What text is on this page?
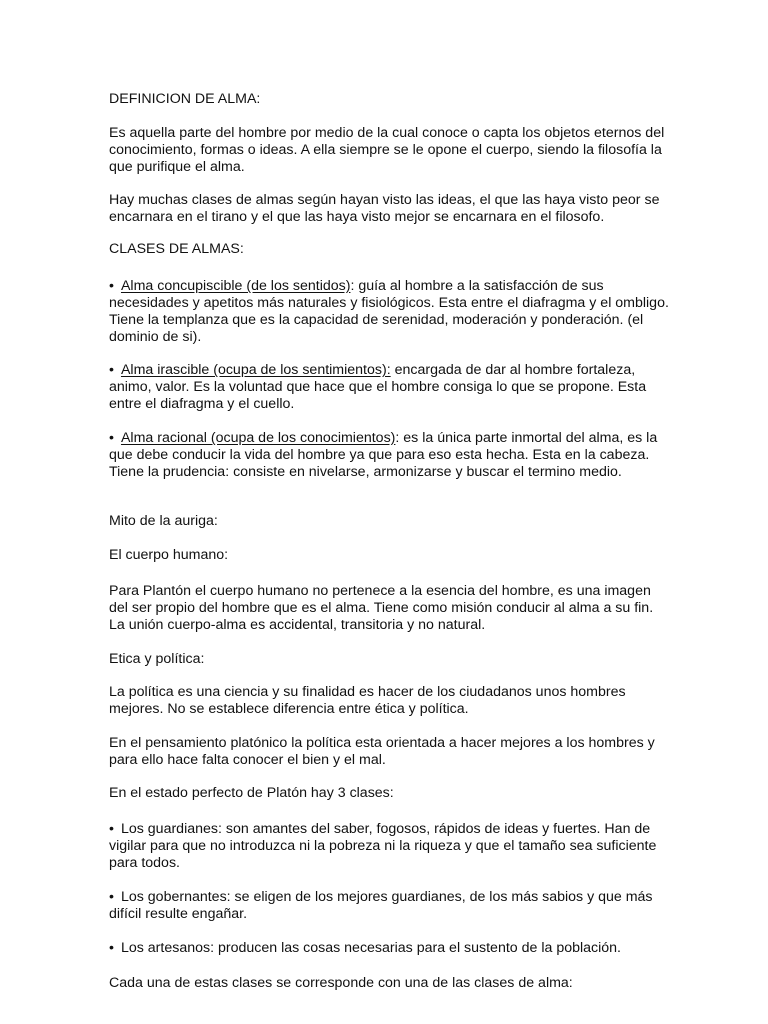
DEFINICION DE ALMA:

Es aquella parte del hombre por medio de la cual conoce o capta los objetos eternos del conocimiento, formas o ideas. A ella siempre se le opone el cuerpo, siendo la filosofía la que purifique el alma.

Hay muchas clases de almas según hayan visto las ideas, el que las haya visto peor se encarnara en el tirano y el que las haya visto mejor se encarnara en el filosofo.

CLASES DE ALMAS:

• Alma concupiscible (de los sentidos): guía al hombre a la satisfacción de sus necesidades y apetitos más naturales y fisiológicos. Esta entre el diafragma y el ombligo. Tiene la templanza que es la capacidad de serenidad, moderación y ponderación. (el dominio de si).

• Alma irascible (ocupa de los sentimientos): encargada de dar al hombre fortaleza, animo, valor. Es la voluntad que hace que el hombre consiga lo que se propone. Esta entre el diafragma y el cuello.

• Alma racional (ocupa de los conocimientos): es la única parte inmortal del alma, es la que debe conducir la vida del hombre ya que para eso esta hecha. Esta en la cabeza. Tiene la prudencia: consiste en nivelarse, armonizarse y buscar el termino medio.

Mito de la auriga:

El cuerpo humano:

Para Plantón el cuerpo humano no pertenece a la esencia del hombre, es una imagen del ser propio del hombre que es el alma. Tiene como misión conducir al alma a su fin. La unión cuerpo-alma es accidental, transitoria y no natural.

Etica y política:

La política es una ciencia y su finalidad es hacer de los ciudadanos unos hombres mejores. No se establece diferencia entre ética y política.

En el pensamiento platónico la política esta orientada a hacer mejores a los hombres y para ello hace falta conocer el bien y el mal.

En el estado perfecto de Platón hay 3 clases:

• Los guardianes: son amantes del saber, fogosos, rápidos de ideas y fuertes. Han de vigilar para que no introduzca ni la pobreza ni la riqueza y que el tamaño sea suficiente para todos.

• Los gobernantes: se eligen de los mejores guardianes, de los más sabios y que más difícil resulte engañar.

• Los artesanos: producen las cosas necesarias para el sustento de la población.

Cada una de estas clases se corresponde con una de las clases de alma:
